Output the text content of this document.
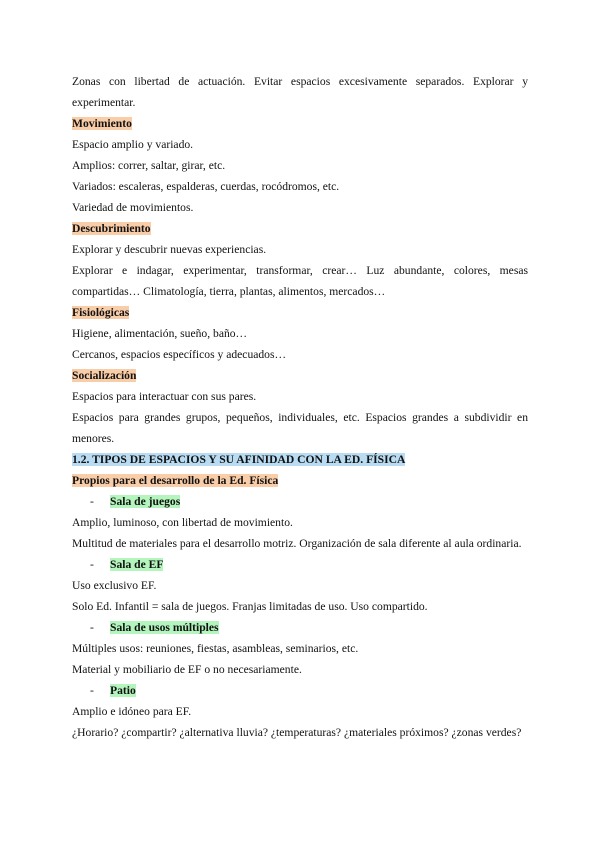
Zonas con libertad de actuación. Evitar espacios excesivamente separados. Explorar y experimentar.

Movimiento

Espacio amplio y variado.

Amplios: correr, saltar, girar, etc.

Variados: escaleras, espalderas, cuerdas, rocódromos, etc.

Variedad de movimientos.

Descubrimiento

Explorar y descubrir nuevas experiencias.

Explorar e indagar, experimentar, transformar, crear… Luz abundante, colores, mesas compartidas… Climatología, tierra, plantas, alimentos, mercados…

Fisiológicas

Higiene, alimentación, sueño, baño…

Cercanos, espacios específicos y adecuados…

Socialización

Espacios para interactuar con sus pares.

Espacios para grandes grupos, pequeños, individuales, etc. Espacios grandes a subdividir en menores.

1.2. TIPOS DE ESPACIOS Y SU AFINIDAD CON LA ED. FÍSICA

Propios para el desarrollo de la Ed. Física

- Sala de juegos

Amplio, luminoso, con libertad de movimiento.

Multitud de materiales para el desarrollo motriz. Organización de sala diferente al aula ordinaria.

- Sala de EF

Uso exclusivo EF.

Solo Ed. Infantil = sala de juegos. Franjas limitadas de uso. Uso compartido.

- Sala de usos múltiples

Múltiples usos: reuniones, fiestas, asambleas, seminarios, etc.

Material y mobiliario de EF o no necesariamente.

- Patio

Amplio e idóneo para EF.

¿Horario? ¿compartir? ¿alternativa lluvia? ¿temperaturas? ¿materiales próximos? ¿zonas verdes?
